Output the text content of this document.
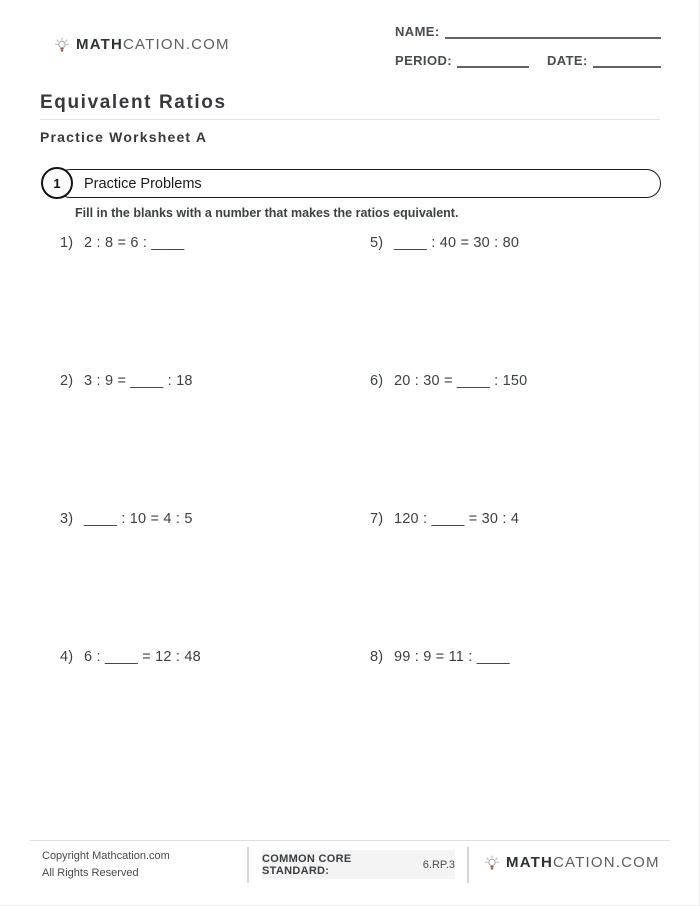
MATHCATION.COM
NAME:
PERIOD:	DATE:
Equivalent Ratios
Practice Worksheet A
1	Practice Problems
Fill in the blanks with a number that makes the ratios equivalent.
1) 2 : 8 = 6 : ____
2) 3 : 9 = ____ : 18
3) ____ : 10 = 4 : 5
4) 6 : ____ = 12 : 48
5) ____ : 40 = 30 : 80
6) 20 : 30 = ____ : 150
7) 120 : ____ = 30 : 4
8) 99 : 9 = 11 : ____
Copyright Mathcation.com
All Rights Reserved
COMMON CORE STANDARD:	6.RP.3	MATHCATION.COM
